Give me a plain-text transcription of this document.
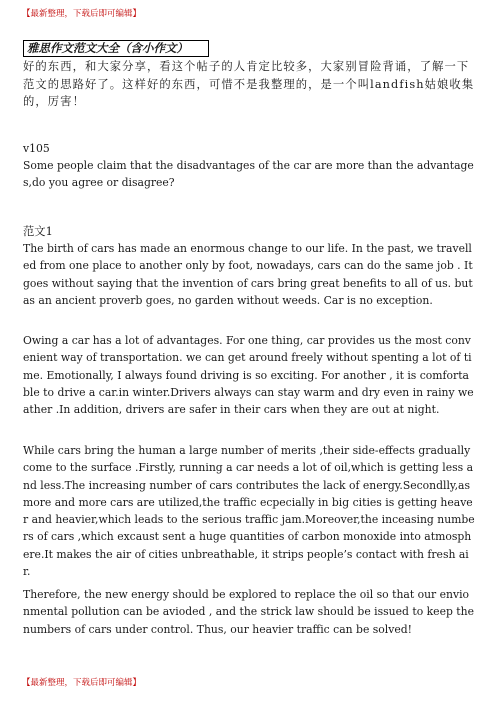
【最新整理，下载后即可编辑】
雅思作文范文大全（含小作文）
好的东西，和大家分享，看这个帖子的人肯定比较多，大家别冒险背诵，了解一下范文的思路好了。这样好的东西，可惜不是我整理的，是一个叫landfish姑娘收集的，厉害！
v105
Some people claim that the disadvantages of the car are more than the advantages,do you agree or disagree?
范文1
The birth of cars has made an enormous change to our life. In the past, we travelled from one place to another only by foot, nowadays, cars can do the same job . It goes without saying that the invention of cars bring great benefits to all of us. but as an ancient proverb goes, no garden without weeds. Car is no exception.
Owing a car has a lot of advantages. For one thing, car provides us the most convenient way of transportation. we can get around freely without spenting a lot of time. Emotionally, I always found driving is so exciting. For another , it is comfortable to drive a car.in winter.Drivers always can stay warm and dry even in rainy weather .In addition, drivers are safer in their cars when they are out at night.
While cars bring the human a large number of merits ,their side-effects gradually come to the surface .Firstly, running a car needs a lot of oil,which is getting less and less.The increasing number of cars contributes the lack of energy.Secondlly,as more and more cars are utilized,the traffic ecpecially in big cities is getting heaver and heavier,which leads to the serious traffic jam.Moreover,the inceasing numbers of cars ,which excaust sent a huge quantities of carbon monoxide into atmosphere.It makes the air of cities unbreathable, it strips people’s contact with fresh air.
Therefore, the new energy should be explored to replace the oil so that our envionmental pollution can be avioded , and the strick law should be issued to keep the numbers of cars under control. Thus, our heavier traffic can be solved!
【最新整理，下载后即可编辑】
